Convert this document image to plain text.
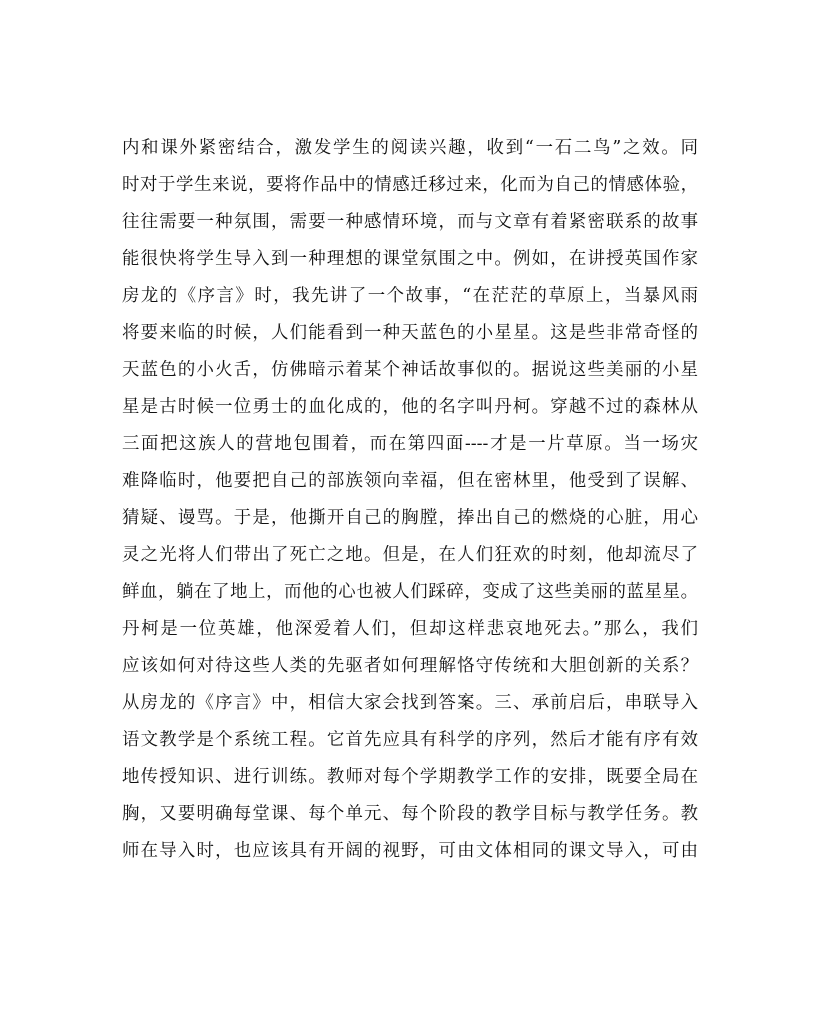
内和课外紧密结合，激发学生的阅读兴趣，收到“一石二鸟”之效。同
时对于学生来说，要将作品中的情感迁移过来，化而为自己的情感体验，
往往需要一种氛围，需要一种感情环境，而与文章有着紧密联系的故事
能很快将学生导入到一种理想的课堂氛围之中。例如，在讲授英国作家
房龙的《序言》时，我先讲了一个故事，“在茫茫的草原上，当暴风雨
将要来临的时候，人们能看到一种天蓝色的小星星。这是些非常奇怪的
天蓝色的小火舌，仿佛暗示着某个神话故事似的。据说这些美丽的小星
星是古时候一位勇士的血化成的，他的名字叫丹柯。穿越不过的森林从
三面把这族人的营地包围着，而在第四面----才是一片草原。当一场灾
难降临时，他要把自己的部族领向幸福，但在密林里，他受到了误解、
猜疑、谩骂。于是，他撕开自己的胸膛，捧出自己的燃烧的心脏，用心
灵之光将人们带出了死亡之地。但是，在人们狂欢的时刻，他却流尽了
鲜血，躺在了地上，而他的心也被人们踩碎，变成了这些美丽的蓝星星。
丹柯是一位英雄，他深爱着人们，但却这样悲哀地死去。”那么，我们
应该如何对待这些人类的先驱者如何理解恪守传统和大胆创新的关系？
从房龙的《序言》中，相信大家会找到答案。三、承前启后，串联导入
语文教学是个系统工程。它首先应具有科学的序列，然后才能有序有效
地传授知识、进行训练。教师对每个学期教学工作的安排，既要全局在
胸，又要明确每堂课、每个单元、每个阶段的教学目标与教学任务。教
师在导入时，也应该具有开阔的视野，可由文体相同的课文导入，可由
